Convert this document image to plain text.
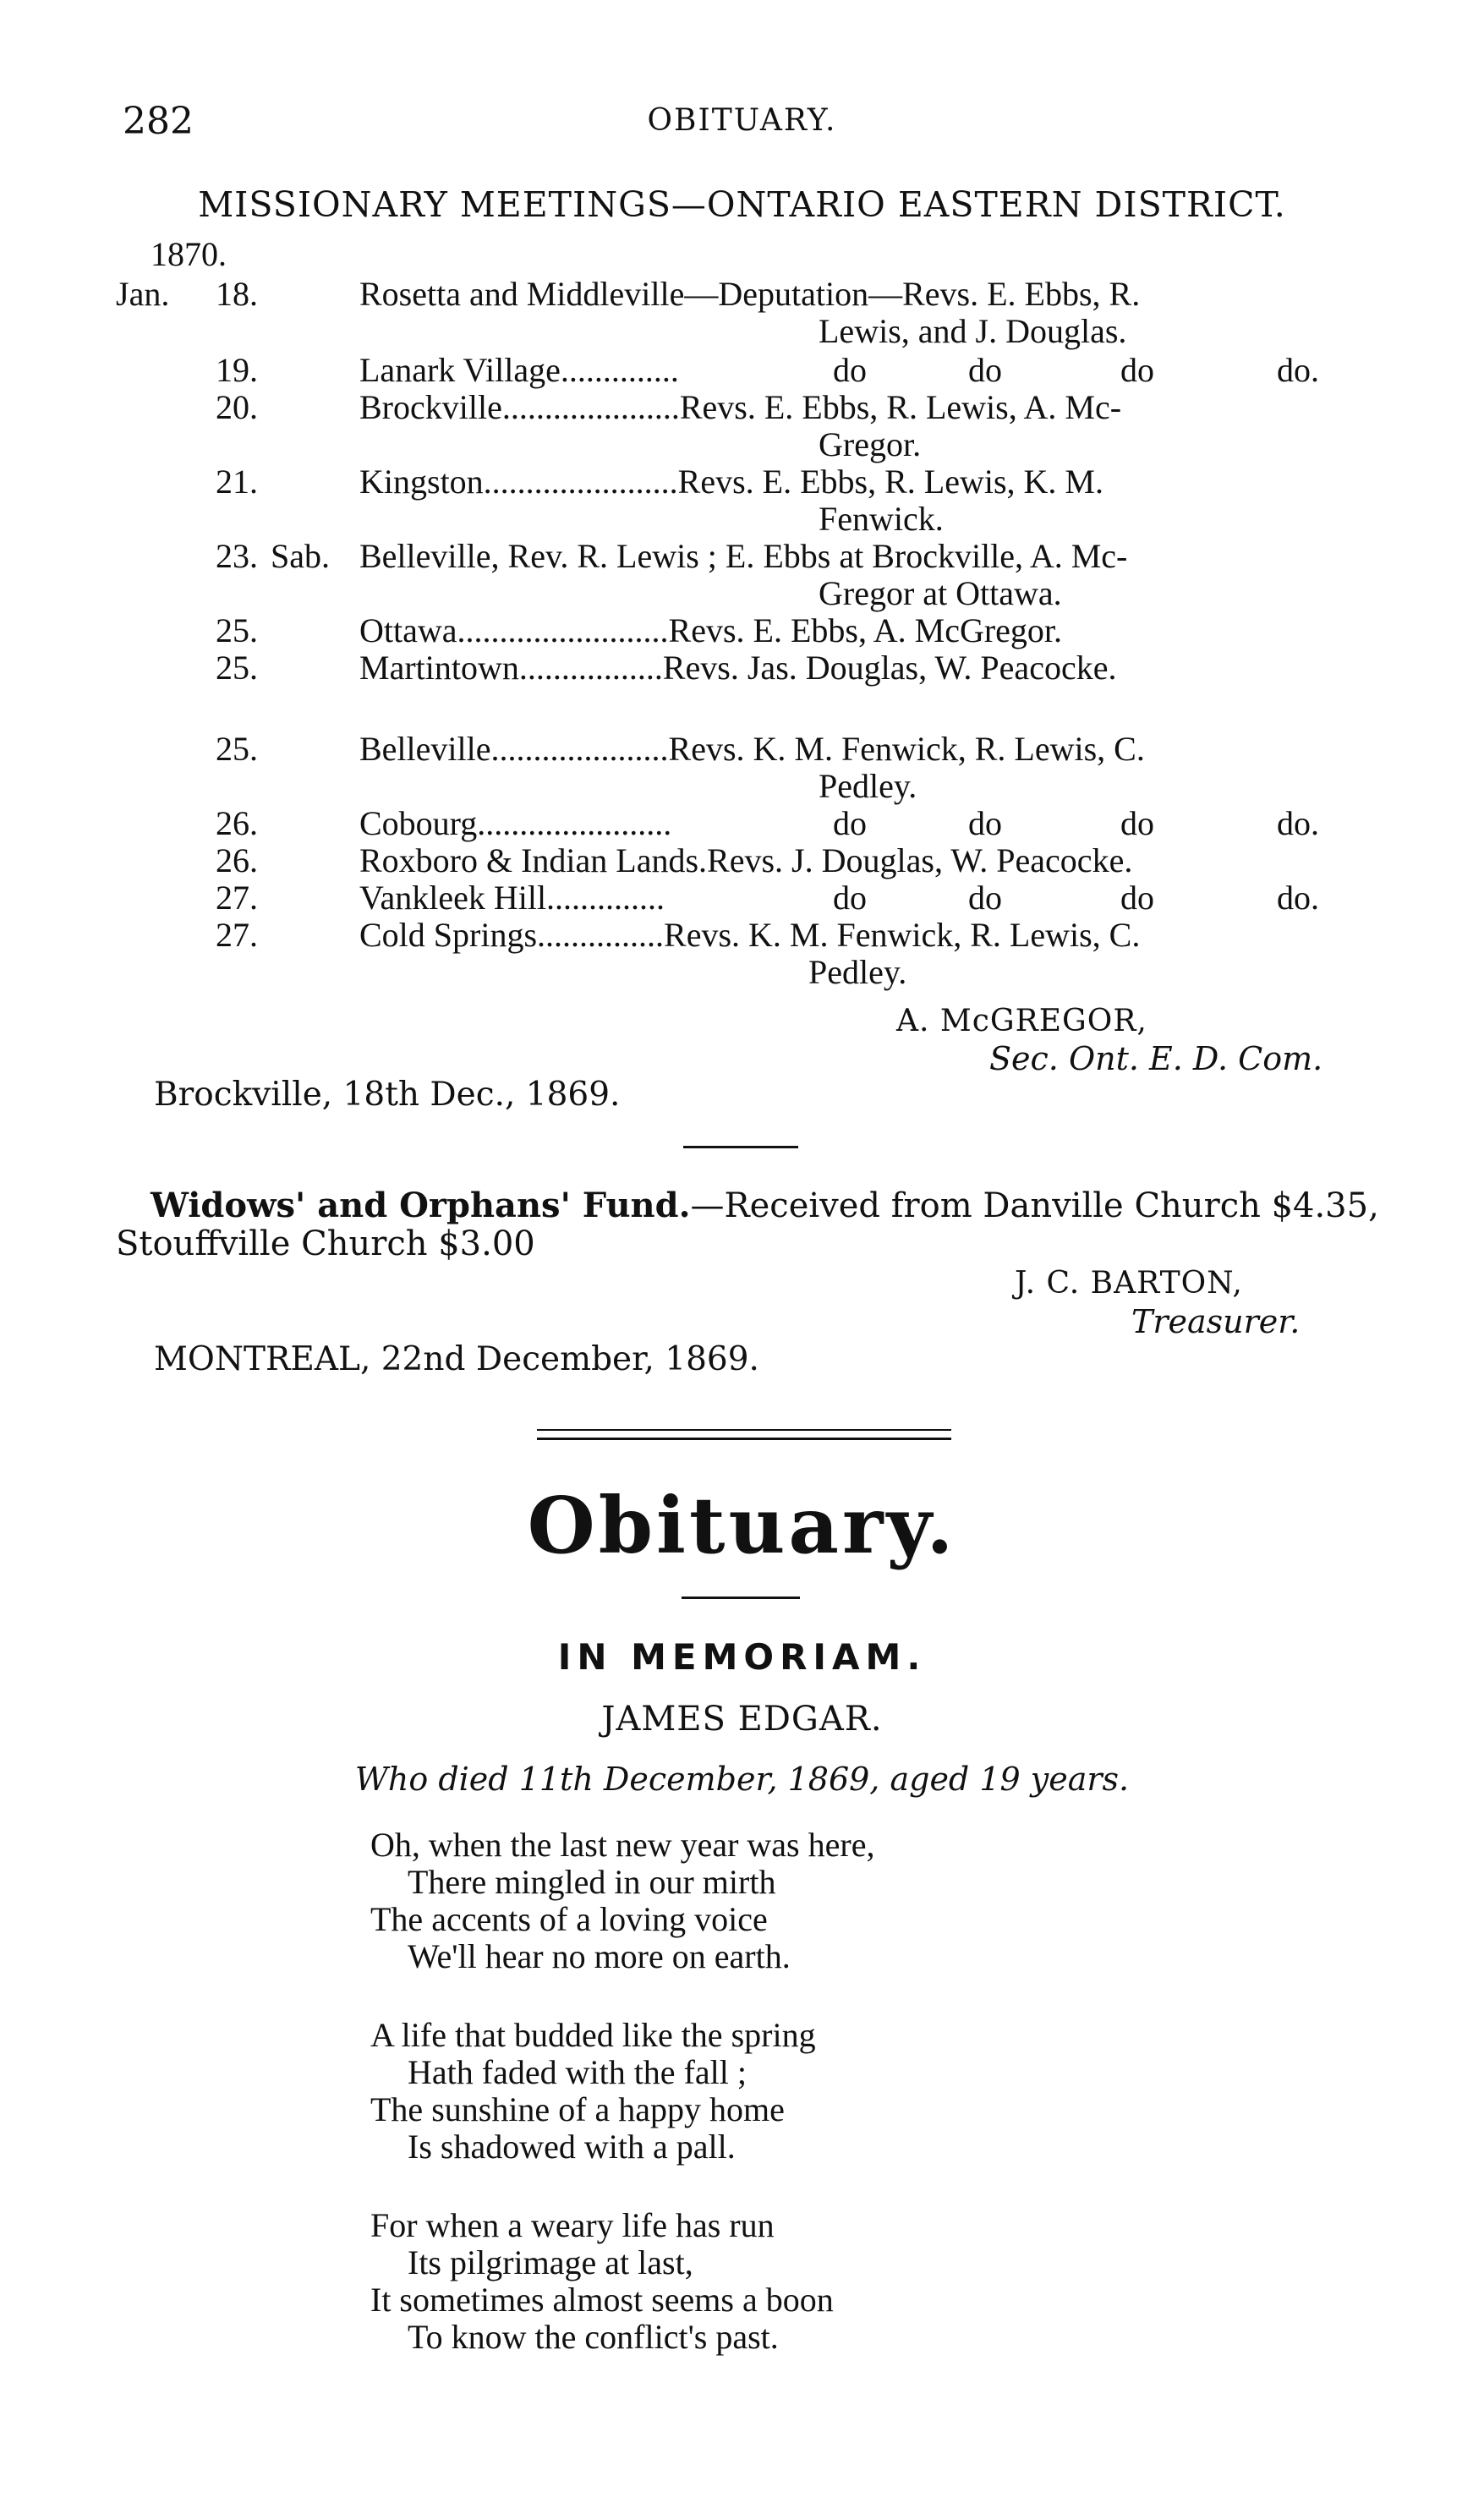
282	OBITUARY.
MISSIONARY MEETINGS—ONTARIO EASTERN DISTRICT.
1870.
Jan.	18.	Rosetta and Middleville—Deputation—Revs. E. Ebbs, R.
Lewis, and J. Douglas.
19.	Lanark Village..............	do	do	do	do.
20.	Brockville.....................Revs. E. Ebbs, R. Lewis, A. Mc-
Gregor.
21.	Kingston.......................Revs. E. Ebbs, R. Lewis, K. M.
Fenwick.
23. Sab. Belleville, Rev. R. Lewis ; E. Ebbs at Brockville, A. Mc-
Gregor at Ottawa.
25.	Ottawa.........................Revs. E. Ebbs, A. McGregor.
25.	Martintown.................Revs. Jas. Douglas, W. Peacocke.
25.	Belleville.....................Revs. K. M. Fenwick, R. Lewis, C.
Pedley.
26.	Cobourg.......................	do	do	do	do.
26.	Roxboro & Indian Lands.Revs. J. Douglas, W. Peacocke.
27.	Vankleek Hill..............	do	do	do	do.
27.	Cold Springs...............Revs. K. M. Fenwick, R. Lewis, C.
Pedley.
A. McGREGOR,
Sec. Ont. E. D. Com.
Brockville, 18th Dec., 1869.
Widows' and Orphans' Fund.—Received from Danville Church $4.35,
Stouffville Church $3.00
J. C. BARTON,
Treasurer.
MONTREAL, 22nd December, 1869.
Obituary.
IN MEMORIAM.
JAMES EDGAR.
Who died 11th December, 1869, aged 19 years.
Oh, when the last new year was here,
There mingled in our mirth
The accents of a loving voice
We'll hear no more on earth.
A life that budded like the spring
Hath faded with the fall ;
The sunshine of a happy home
Is shadowed with a pall.
For when a weary life has run
Its pilgrimage at last,
It sometimes almost seems a boon
To know the conflict's past.
